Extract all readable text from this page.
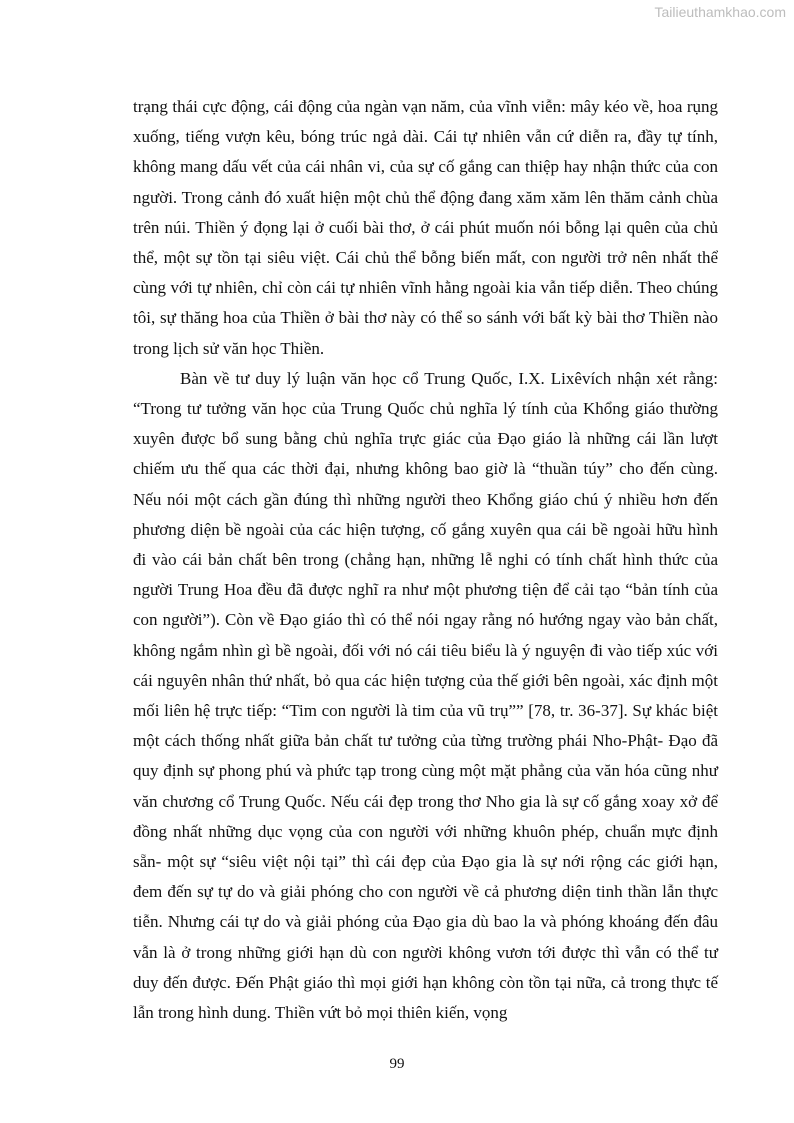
Tailieuthamkhao.com

trạng thái cực động, cái động của ngàn vạn năm, của vĩnh viễn: mây kéo về, hoa rụng xuống, tiếng vượn kêu, bóng trúc ngả dài. Cái tự nhiên vẫn cứ diễn ra, đầy tự tính, không mang dấu vết của cái nhân vi, của sự cố gắng can thiệp hay nhận thức của con người. Trong cảnh đó xuất hiện một chủ thể động đang xăm xăm lên thăm cảnh chùa trên núi. Thiền ý đọng lại ở cuối bài thơ, ở cái phút muốn nói bỗng lại quên của chủ thể, một sự tồn tại siêu việt. Cái chủ thể bỗng biến mất, con người trở nên nhất thể cùng với tự nhiên, chỉ còn cái tự nhiên vĩnh hằng ngoài kia vẫn tiếp diễn. Theo chúng tôi, sự thăng hoa của Thiền ở bài thơ này có thể so sánh với bất kỳ bài thơ Thiền nào trong lịch sử văn học Thiền.

Bàn về tư duy lý luận văn học cổ Trung Quốc, I.X. Lixêvích nhận xét rằng: “Trong tư tưởng văn học của Trung Quốc chủ nghĩa lý tính của Khổng giáo thường xuyên được bổ sung bằng chủ nghĩa trực giác của Đạo giáo là những cái lần lượt chiếm ưu thế qua các thời đại, nhưng không bao giờ là “thuần túy” cho đến cùng. Nếu nói một cách gần đúng thì những người theo Khổng giáo chú ý nhiều hơn đến phương diện bề ngoài của các hiện tượng, cố gắng xuyên qua cái bề ngoài hữu hình đi vào cái bản chất bên trong (chẳng hạn, những lễ nghi có tính chất hình thức của người Trung Hoa đều đã được nghĩ ra như một phương tiện để cải tạo “bản tính của con người”). Còn về Đạo giáo thì có thể nói ngay rằng nó hướng ngay vào bản chất, không ngắm nhìn gì bề ngoài, đối với nó cái tiêu biểu là ý nguyện đi vào tiếp xúc với cái nguyên nhân thứ nhất, bỏ qua các hiện tượng của thế giới bên ngoài, xác định một mối liên hệ trực tiếp: “Tim con người là tim của vũ trụ”” [78, tr. 36-37]. Sự khác biệt một cách thống nhất giữa bản chất tư tưởng của từng trường phái Nho-Phật- Đạo đã quy định sự phong phú và phức tạp trong cùng một mặt phẳng của văn hóa cũng như văn chương cổ Trung Quốc. Nếu cái đẹp trong thơ Nho gia là sự cố gắng xoay xở để đồng nhất những dục vọng của con người với những khuôn phép, chuẩn mực định sẵn- một sự “siêu việt nội tại” thì cái đẹp của Đạo gia là sự nới rộng các giới hạn, đem đến sự tự do và giải phóng cho con người về cả phương diện tinh thần lẫn thực tiễn. Nhưng cái tự do và giải phóng của Đạo gia dù bao la và phóng khoáng đến đâu vẫn là ở trong những giới hạn dù con người không vươn tới được thì vẫn có thể tư duy đến được. Đến Phật giáo thì mọi giới hạn không còn tồn tại nữa, cả trong thực tế lẫn trong hình dung. Thiền vứt bỏ mọi thiên kiến, vọng

99
